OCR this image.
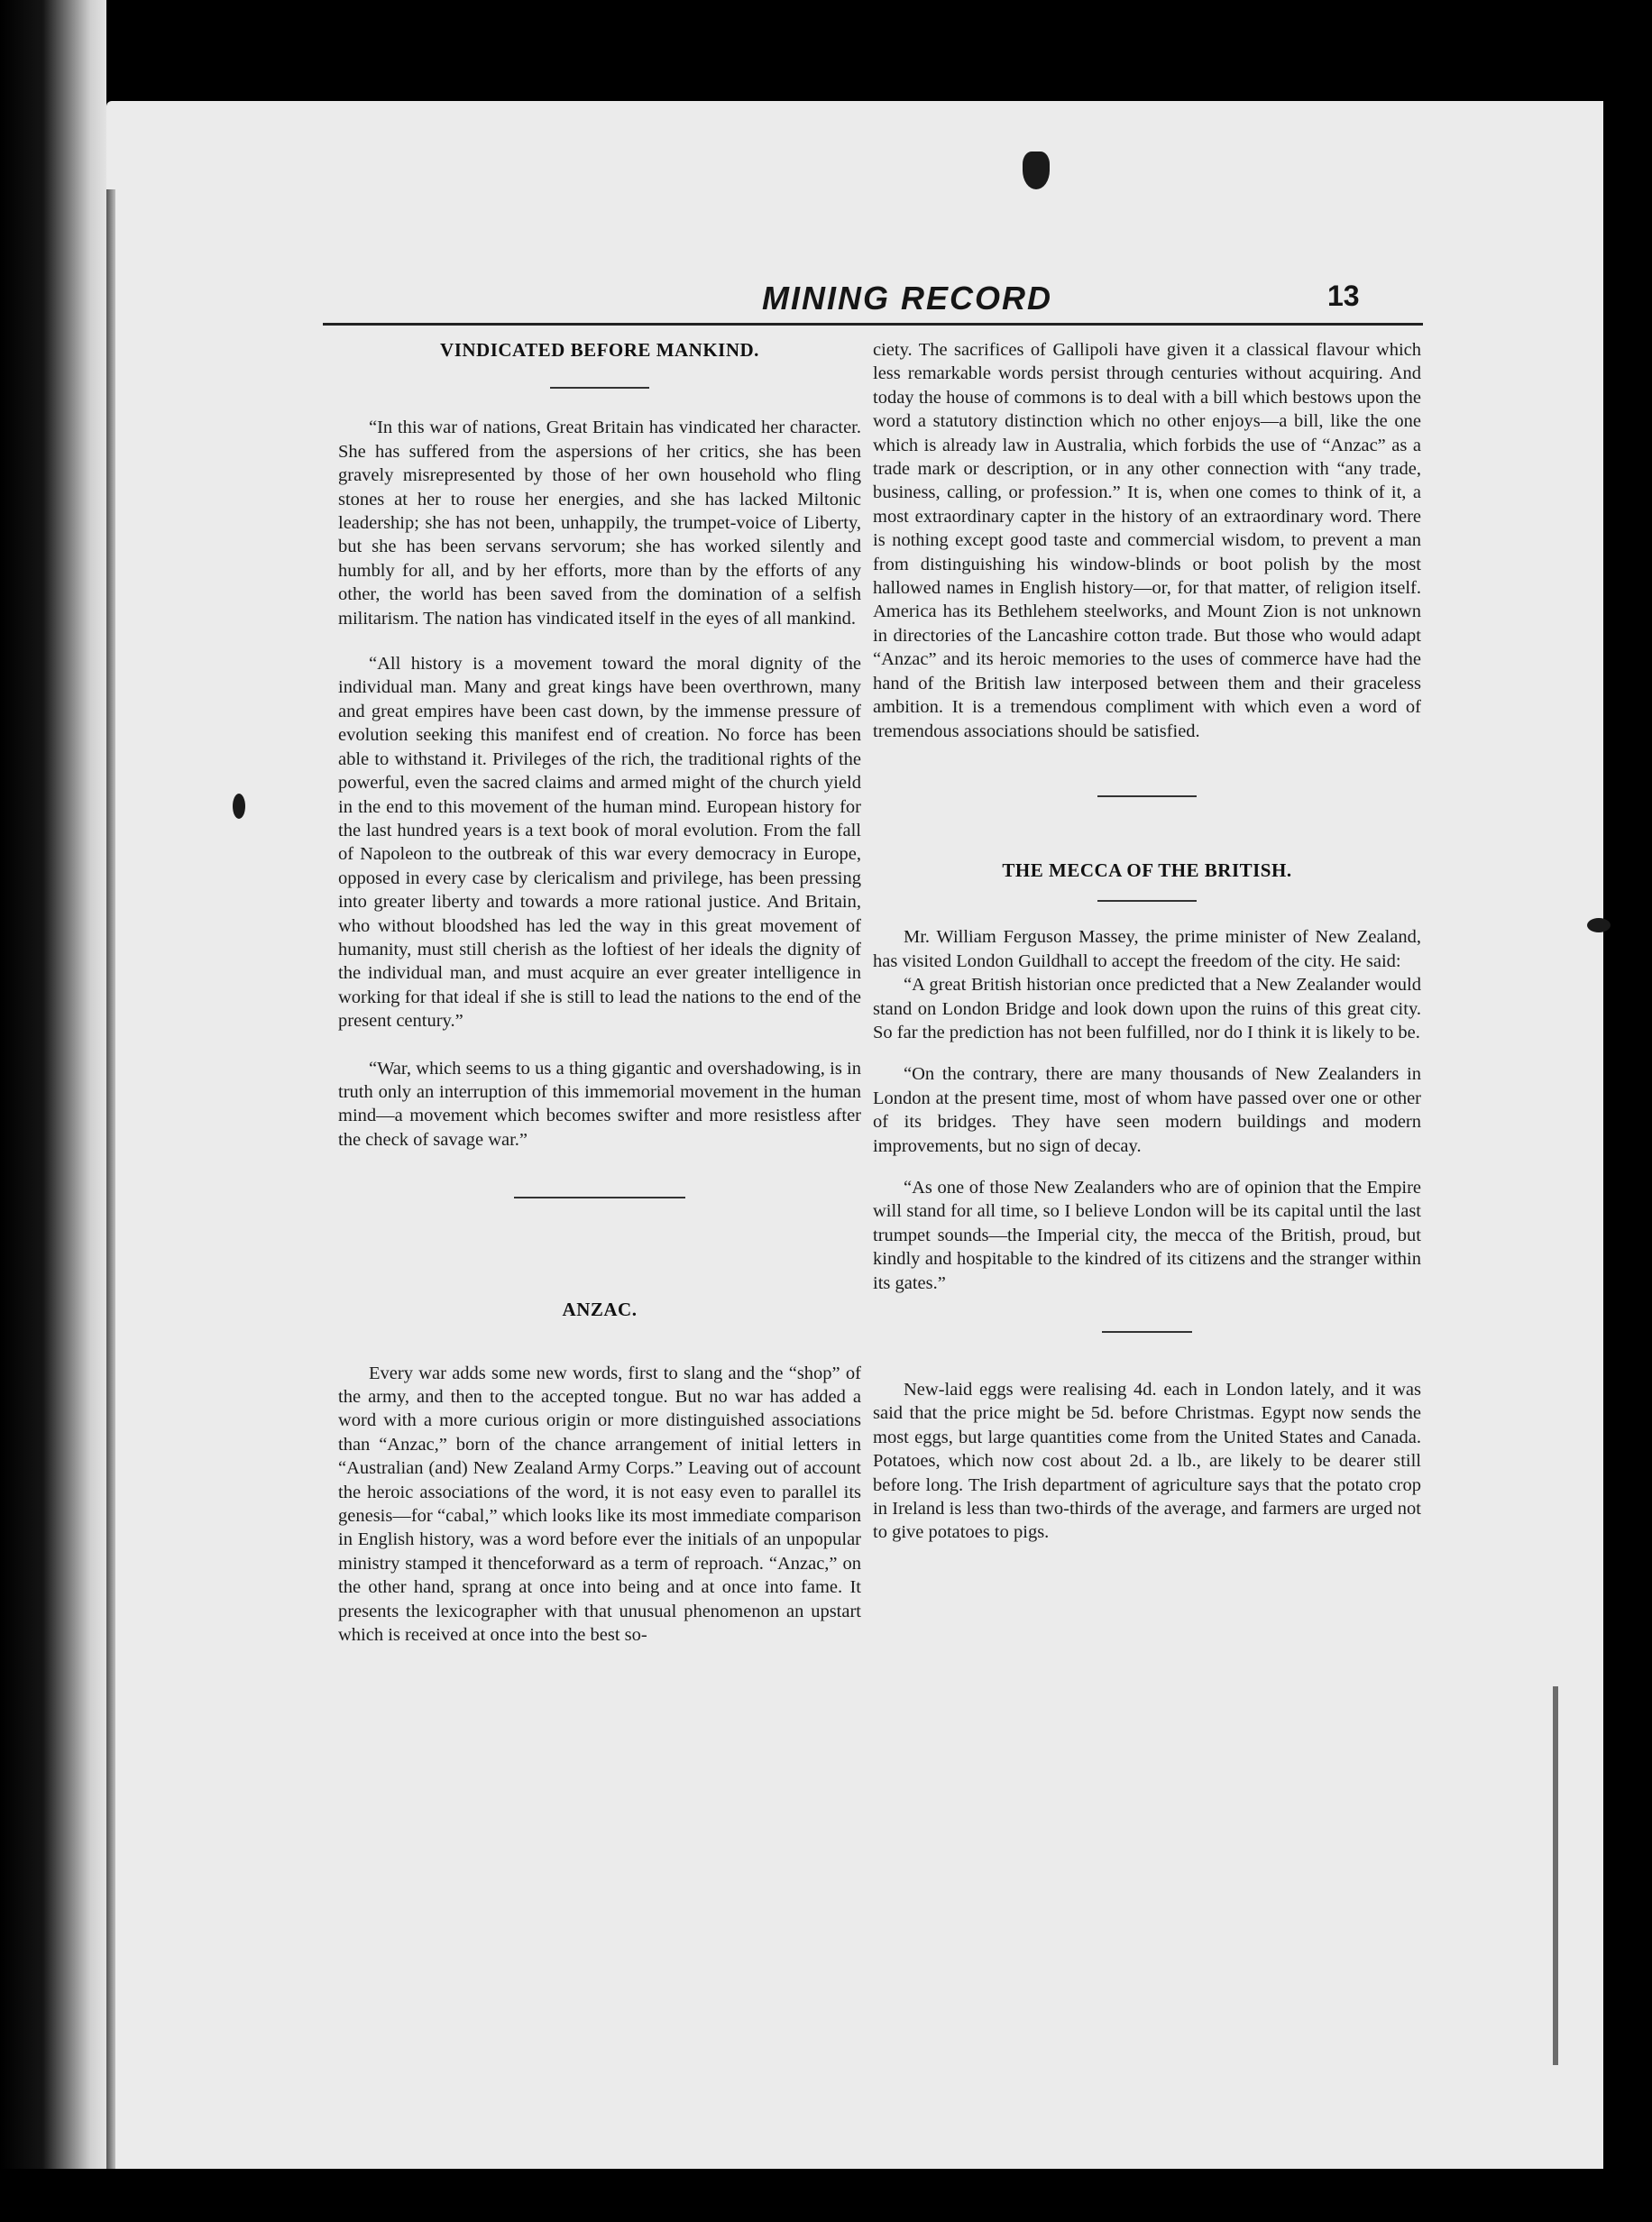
MINING RECORD	13
VINDICATED BEFORE MANKIND.

“In this war of nations, Great Britain has vindicated her character. She has suffered from the aspersions of her critics, she has been gravely misrepresented by those of her own household who fling stones at her to rouse her energies, and she has lacked Miltonic leadership; she has not been, unhappily, the trumpet-voice of Liberty, but she has been servans servorum; she has worked silently and humbly for all, and by her efforts, more than by the efforts of any other, the world has been saved from the domination of a selfish militarism. The nation has vindicated itself in the eyes of all mankind.

“All history is a movement toward the moral dignity of the individual man. Many and great kings have been overthrown, many and great empires have been cast down, by the immense pressure of evolution seeking this manifest end of creation. No force has been able to withstand it. Privileges of the rich, the traditional rights of the powerful, even the sacred claims and armed might of the church yield in the end to this movement of the human mind. European history for the last hundred years is a text book of moral evolution. From the fall of Napoleon to the outbreak of this war every democracy in Europe, opposed in every case by clericalism and privilege, has been pressing into greater liberty and towards a more rational justice. And Britain, who without bloodshed has led the way in this great movement of humanity, must still cherish as the loftiest of her ideals the dignity of the individual man, and must acquire an ever greater intelligence in working for that ideal if she is still to lead the nations to the end of the present century.”

“War, which seems to us a thing gigantic and overshadowing, is in truth only an interruption of this immemorial movement in the human mind—a movement which becomes swifter and more resistless after the check of savage war.”

ANZAC.

Every war adds some new words, first to slang and the “shop” of the army, and then to the accepted tongue. But no war has added a word with a more curious origin or more distinguished associations than “Anzac,” born of the chance arrangement of initial letters in “Australian (and) New Zealand Army Corps.” Leaving out of account the heroic associations of the word, it is not easy even to parallel its genesis—for “cabal,” which looks like its most immediate comparison in English history, was a word before ever the initials of an unpopular ministry stamped it thenceforward as a term of reproach. “Anzac,” on the other hand, sprang at once into being and at once into fame. It presents the lexicographer with that unusual phenomenon an upstart which is received at once into the best so-

ciety. The sacrifices of Gallipoli have given it a classical flavour which less remarkable words persist through centuries without acquiring. And today the house of commons is to deal with a bill which bestows upon the word a statutory distinction which no other enjoys—a bill, like the one which is already law in Australia, which forbids the use of “Anzac” as a trade mark or description, or in any other connection with “any trade, business, calling, or profession.” It is, when one comes to think of it, a most extraordinary capter in the history of an extraordinary word. There is nothing except good taste and commercial wisdom, to prevent a man from distinguishing his window-blinds or boot polish by the most hallowed names in English history—or, for that matter, of religion itself. America has its Bethlehem steelworks, and Mount Zion is not unknown in directories of the Lancashire cotton trade. But those who would adapt “Anzac” and its heroic memories to the uses of commerce have had the hand of the British law interposed between them and their graceless ambition. It is a tremendous compliment with which even a word of tremendous associations should be satisfied.

THE MECCA OF THE BRITISH.

Mr. William Ferguson Massey, the prime minister of New Zealand, has visited London Guildhall to accept the freedom of the city. He said:

“A great British historian once predicted that a New Zealander would stand on London Bridge and look down upon the ruins of this great city. So far the prediction has not been fulfilled, nor do I think it is likely to be.

“On the contrary, there are many thousands of New Zealanders in London at the present time, most of whom have passed over one or other of its bridges. They have seen modern buildings and modern improvements, but no sign of decay.

“As one of those New Zealanders who are of opinion that the Empire will stand for all time, so I believe London will be its capital until the last trumpet sounds—the Imperial city, the mecca of the British, proud, but kindly and hospitable to the kindred of its citizens and the stranger within its gates.”

New-laid eggs were realising 4d. each in London lately, and it was said that the price might be 5d. before Christmas. Egypt now sends the most eggs, but large quantities come from the United States and Canada. Potatoes, which now cost about 2d. a lb., are likely to be dearer still before long. The Irish department of agriculture says that the potato crop in Ireland is less than two-thirds of the average, and farmers are urged not to give potatoes to pigs.
